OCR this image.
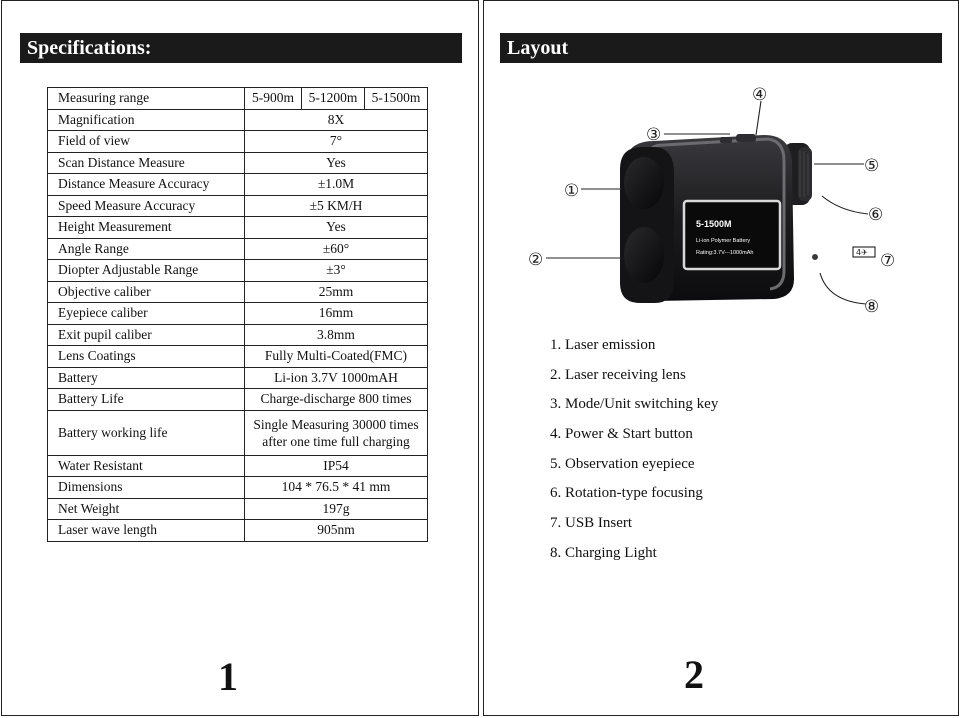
Specifications:
Measuring range	5-900m	5-1200m	5-1500m
Magnification	8X		
Field of view	7°		
Scan Distance Measure	Yes		
Distance Measure Accuracy	±1.0M		
Speed Measure Accuracy	±5 KM/H		
Height Measurement	Yes		
Angle Range	±60°		
Diopter Adjustable Range	±3°		
Objective caliber	25mm		
Eyepiece caliber	16mm		
Exit pupil caliber	3.8mm		
Lens Coatings	Fully Multi-Coated(FMC)		
Battery	Li-ion 3.7V 1000mAH		
Battery Life	Charge-discharge 800 times		
Battery working life	Single Measuring 30000 times
after one time full charging		

Water Resistant	IP54		
Dimensions	104 * 76.5 * 41 mm		
Net Weight	197g		
Laser wave length	905nm		
1
Layout
5-1500M
Li-ion Polymer Battery
Rating:3.7V---1000mAh	4✈
①
②
③
④
⑤
⑥
⑦
⑧
1. Laser emission
2. Laser receiving lens
3. Mode/Unit switching key
4. Power & Start button
5. Observation eyepiece
6. Rotation-type focusing
7. USB Insert
8. Charging Light
2
